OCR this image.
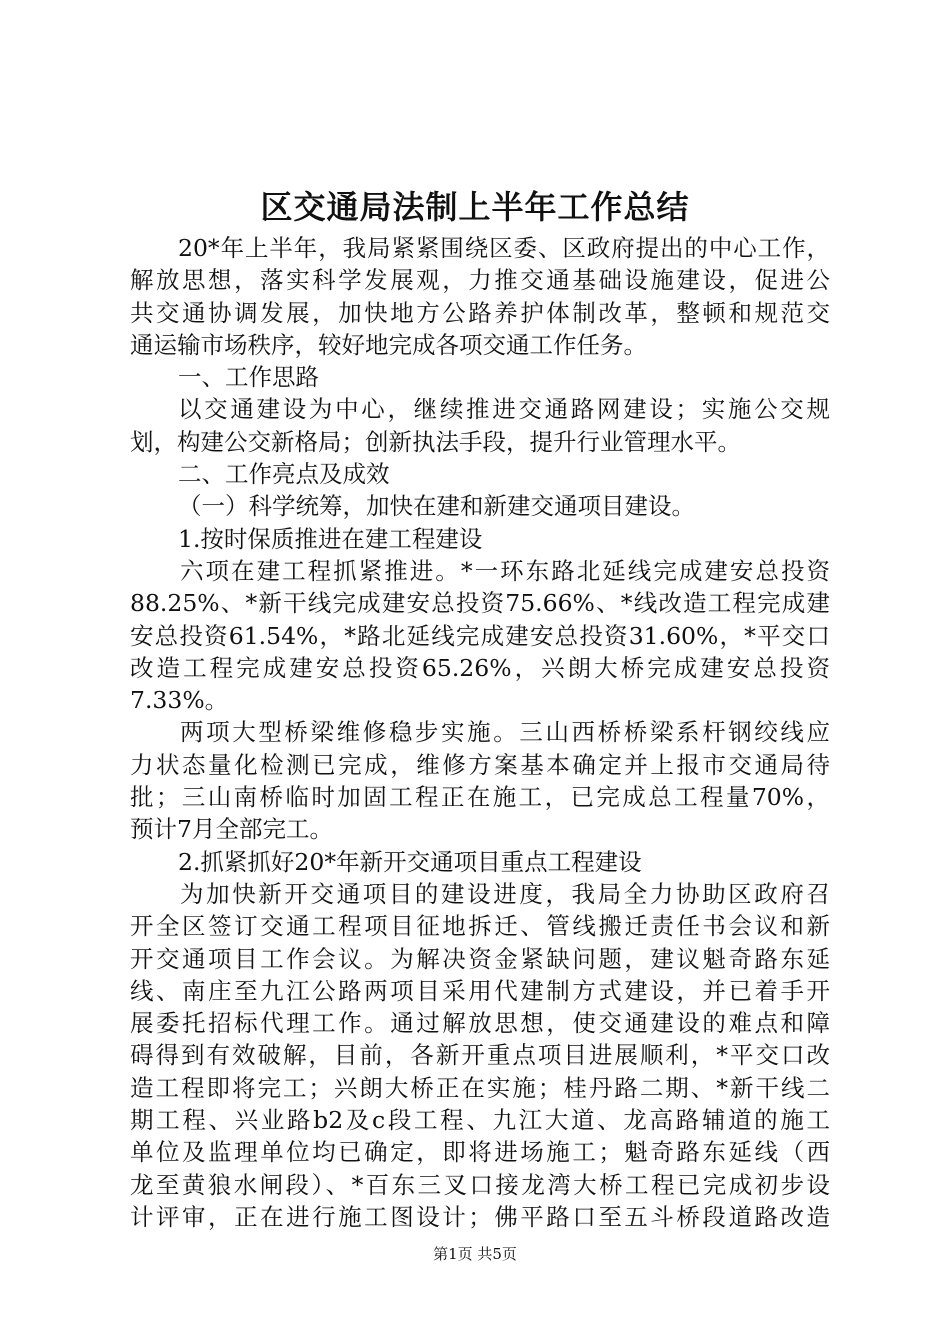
区交通局法制上半年工作总结

20*年上半年，我局紧紧围绕区委、区政府提出的中心工作，

解放思想，落实科学发展观，力推交通基础设施建设，促进公

共交通协调发展，加快地方公路养护体制改革，整顿和规范交

通运输市场秩序，较好地完成各项交通工作任务。

一、工作思路

以交通建设为中心，继续推进交通路网建设；实施公交规

划，构建公交新格局；创新执法手段，提升行业管理水平。

二、工作亮点及成效

（一）科学统筹，加快在建和新建交通项目建设。

1.按时保质推进在建工程建设

六项在建工程抓紧推进。*一环东路北延线完成建安总投资

88.25%、*新干线完成建安总投资75.66%、*线改造工程完成建

安总投资61.54%，*路北延线完成建安总投资31.60%，*平交口

改造工程完成建安总投资65.26%，兴朗大桥完成建安总投资

7.33%。

两项大型桥梁维修稳步实施。三山西桥桥梁系杆钢绞线应

力状态量化检测已完成，维修方案基本确定并上报市交通局待

批；三山南桥临时加固工程正在施工，已完成总工程量70%，

预计7月全部完工。

2.抓紧抓好20*年新开交通项目重点工程建设

为加快新开交通项目的建设进度，我局全力协助区政府召

开全区签订交通工程项目征地拆迁、管线搬迁责任书会议和新

开交通项目工作会议。为解决资金紧缺问题，建议魁奇路东延

线、南庄至九江公路两项目采用代建制方式建设，并已着手开

展委托招标代理工作。通过解放思想，使交通建设的难点和障

碍得到有效破解，目前，各新开重点项目进展顺利，*平交口改

造工程即将完工；兴朗大桥正在实施；桂丹路二期、*新干线二

期工程、兴业路b2及c段工程、九江大道、龙高路辅道的施工

单位及监理单位均已确定，即将进场施工；魁奇路东延线（西

龙至黄狼水闸段）、*百东三叉口接龙湾大桥工程已完成初步设

计评审，正在进行施工图设计；佛平路口至五斗桥段道路改造

第1页 共5页
